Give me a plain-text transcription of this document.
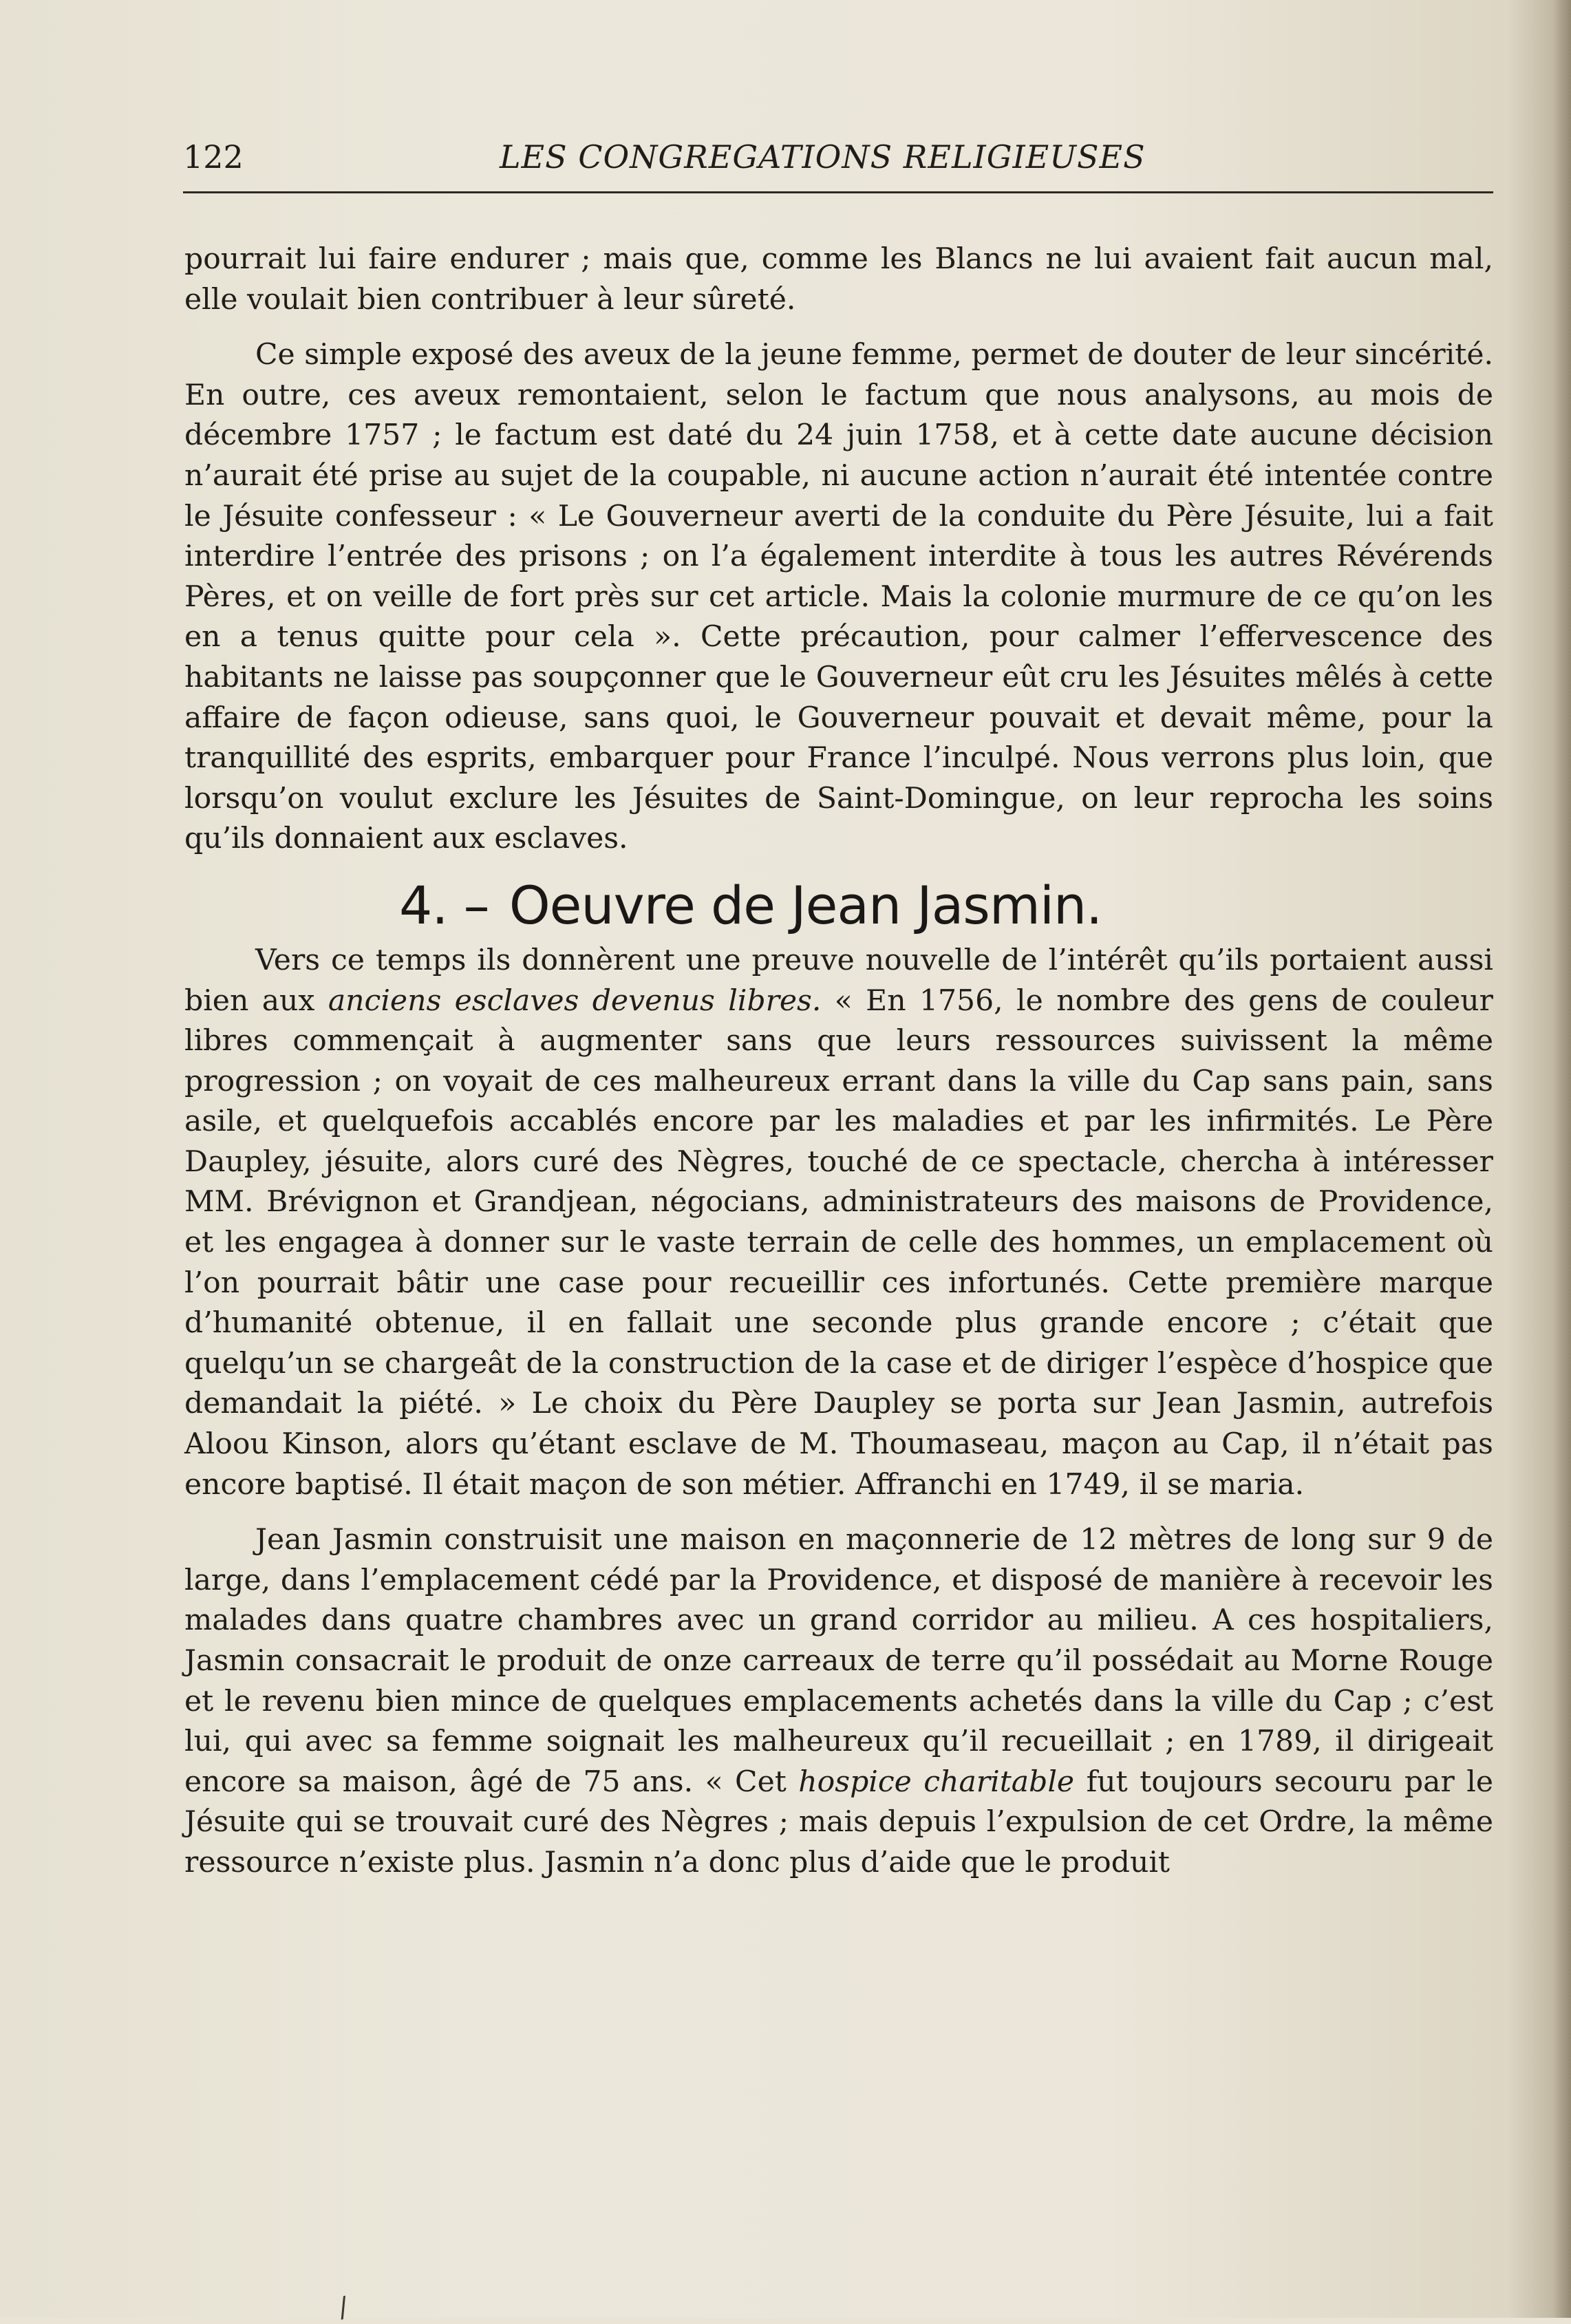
122	LES CONGREGATIONS RELIGIEUSES

pourrait lui faire endurer ; mais que, comme les Blancs ne lui avaient fait aucun mal, elle voulait bien contribuer à leur sûreté.

Ce simple exposé des aveux de la jeune femme, permet de douter de leur sincérité. En outre, ces aveux remontaient, selon le factum que nous analysons, au mois de décembre 1757 ; le factum est daté du 24 juin 1758, et à cette date aucune décision n’aurait été prise au sujet de la coupable, ni aucune action n’aurait été intentée contre le Jésuite confesseur : « Le Gouverneur averti de la conduite du Père Jésuite, lui a fait interdire l’entrée des prisons ; on l’a également interdite à tous les autres Révérends Pères, et on veille de fort près sur cet article. Mais la colonie murmure de ce qu’on les en a tenus quitte pour cela ». Cette précaution, pour calmer l’effervescence des habitants ne laisse pas soupçonner que le Gouverneur eût cru les Jésuites mêlés à cette affaire de façon odieuse, sans quoi, le Gouverneur pouvait et devait même, pour la tranquillité des esprits, embarquer pour France l’inculpé. Nous verrons plus loin, que lorsqu’on voulut exclure les Jésuites de Saint-Domingue, on leur reprocha les soins qu’ils donnaient aux esclaves.

4. – Oeuvre de Jean Jasmin.

Vers ce temps ils donnèrent une preuve nouvelle de l’intérêt qu’ils portaient aussi bien aux anciens esclaves devenus libres. « En 1756, le nombre des gens de couleur libres commençait à augmenter sans que leurs ressources suivissent la même progression ; on voyait de ces malheureux errant dans la ville du Cap sans pain, sans asile, et quelquefois accablés encore par les maladies et par les infirmités. Le Père Daupley, jésuite, alors curé des Nègres, touché de ce spectacle, chercha à intéresser MM. Brévignon et Grandjean, négocians, administrateurs des maisons de Providence, et les engagea à donner sur le vaste terrain de celle des hommes, un emplacement où l’on pourrait bâtir une case pour recueillir ces infortunés. Cette première marque d’humanité obtenue, il en fallait une seconde plus grande encore ; c’était que quelqu’un se chargeât de la construction de la case et de diriger l’espèce d’hospice que demandait la piété. » Le choix du Père Daupley se porta sur Jean Jasmin, autrefois Aloou Kinson, alors qu’étant esclave de M. Thoumaseau, maçon au Cap, il n’était pas encore baptisé. Il était maçon de son métier. Affranchi en 1749, il se maria.

Jean Jasmin construisit une maison en maçonnerie de 12 mètres de long sur 9 de large, dans l’emplacement cédé par la Providence, et disposé de manière à recevoir les malades dans quatre chambres avec un grand corridor au milieu. A ces hospitaliers, Jasmin consacrait le produit de onze carreaux de terre qu’il possédait au Morne Rouge et le revenu bien mince de quelques emplacements achetés dans la ville du Cap ; c’est lui, qui avec sa femme soignait les malheureux qu’il recueillait ; en 1789, il dirigeait encore sa maison, âgé de 75 ans. « Cet hospice charitable fut toujours secouru par le Jésuite qui se trouvait curé des Nègres ; mais depuis l’expulsion de cet Ordre, la même ressource n’existe plus. Jasmin n’a donc plus d’aide que le produit

/
